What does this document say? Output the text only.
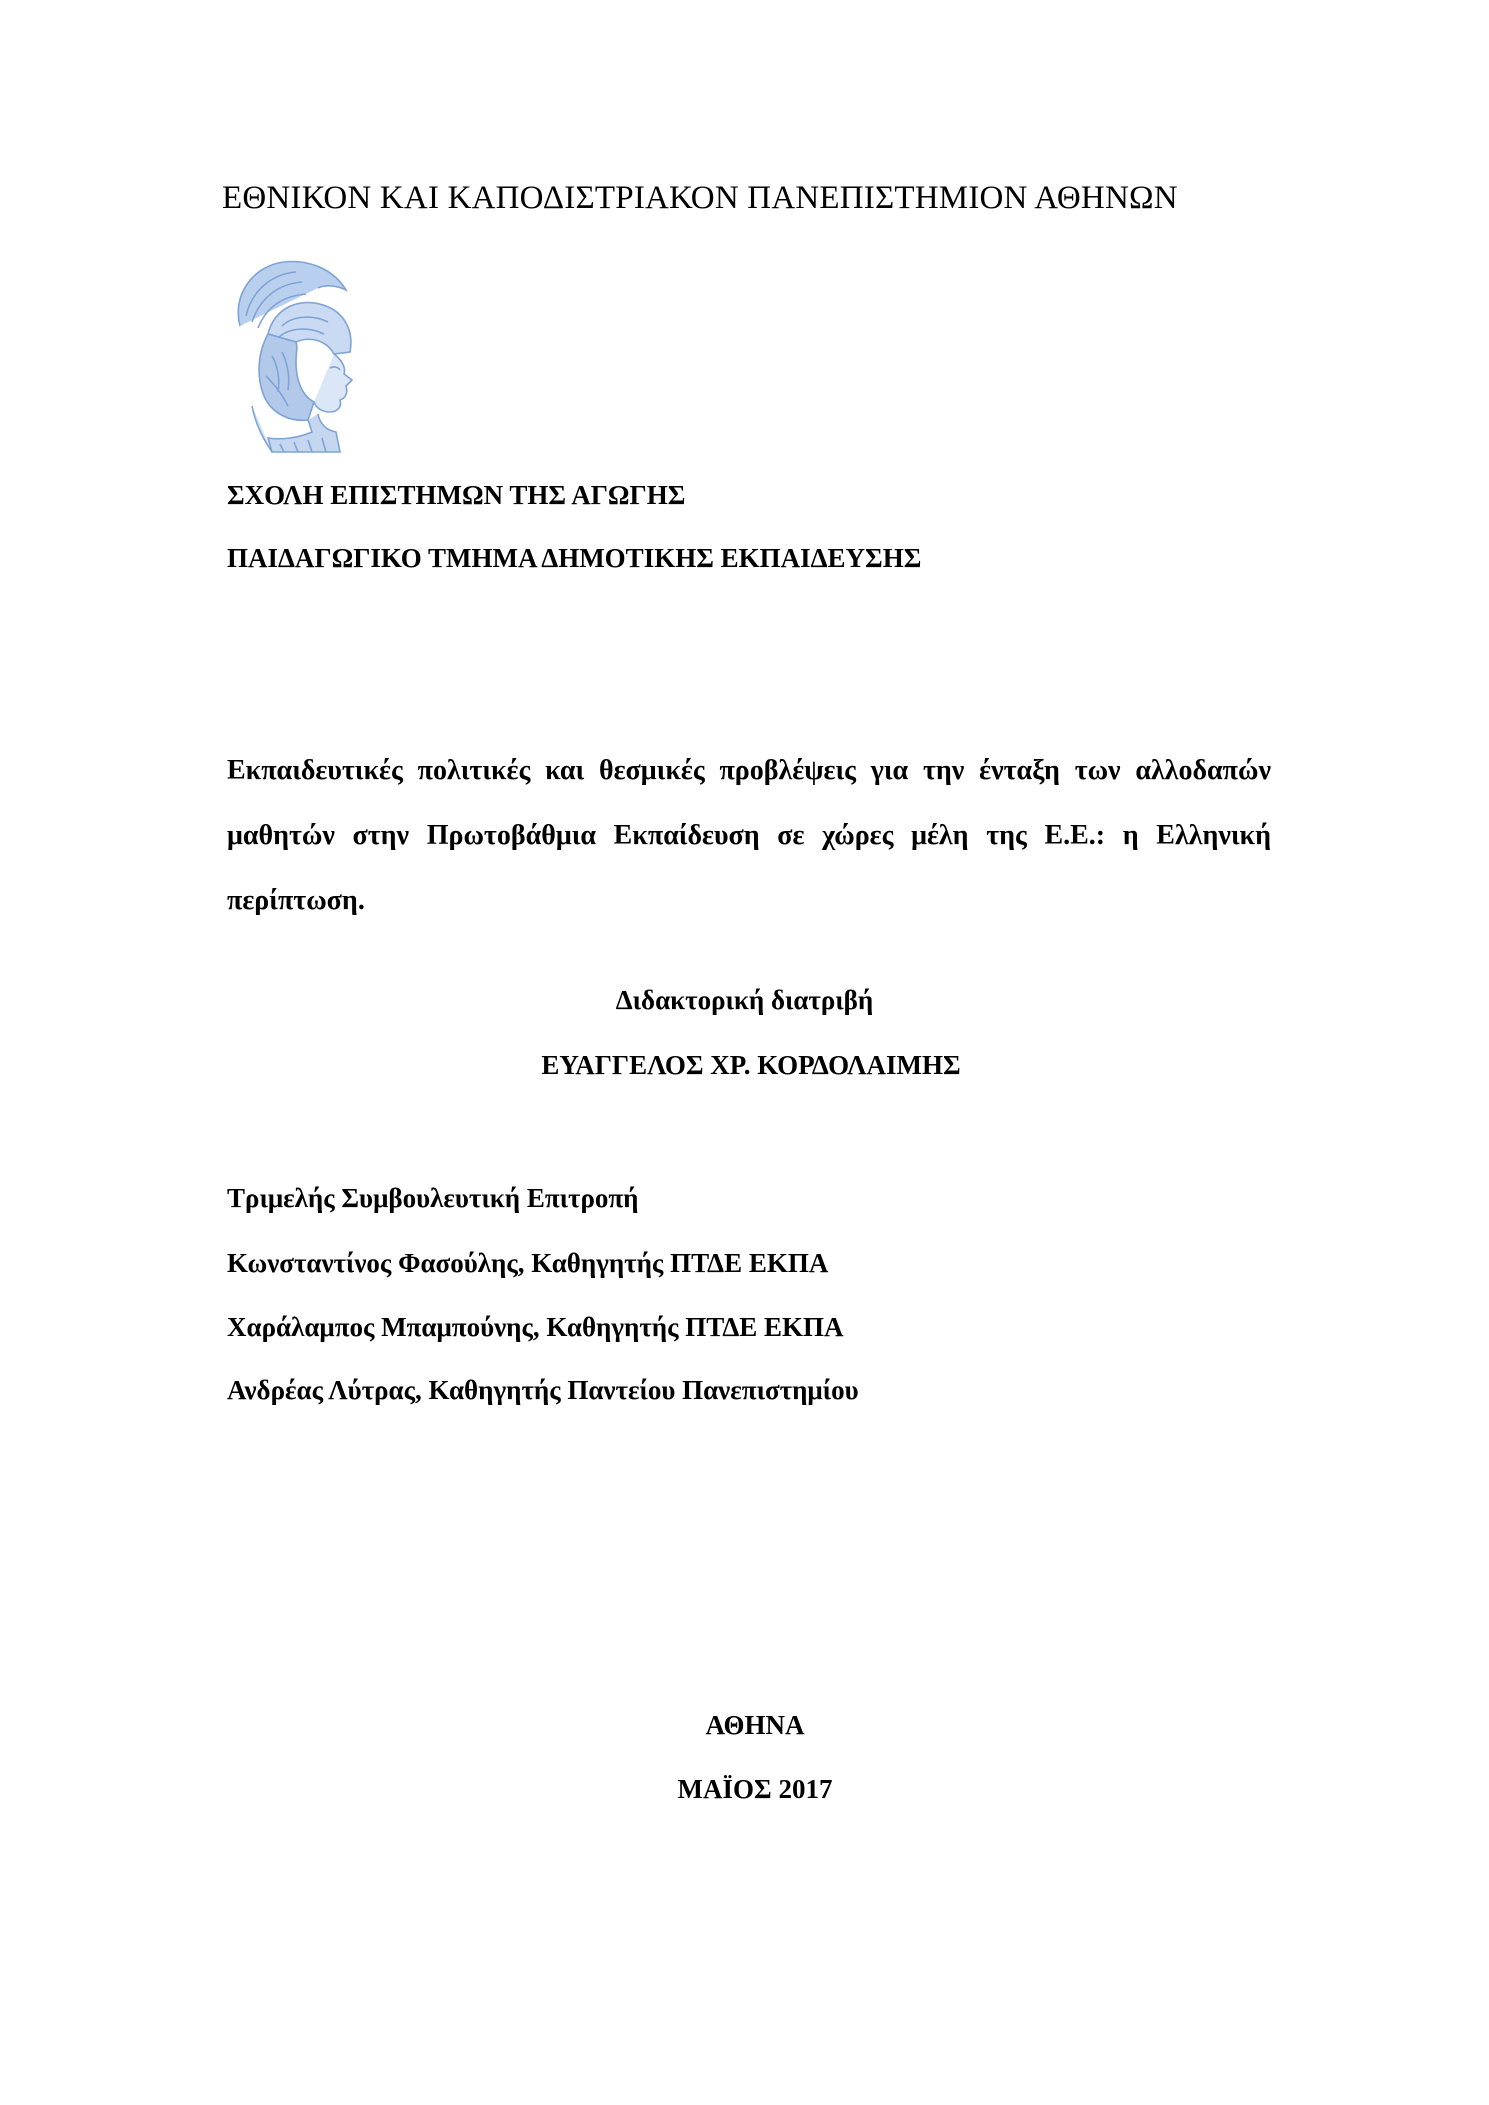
ΕΘΝΙΚΟΝ ΚΑΙ ΚΑΠΟΔΙΣΤΡΙΑΚΟΝ ΠΑΝΕΠΙΣΤΗΜΙΟΝ ΑΘΗΝΩΝ
ΣΧΟΛΗ ΕΠΙΣΤΗΜΩΝ ΤΗΣ ΑΓΩΓΗΣ
ΠΑΙΔΑΓΩΓΙΚΟ ΤΜΗΜΑ ΔΗΜΟΤΙΚΗΣ ΕΚΠΑΙΔΕΥΣΗΣ

Εκπαιδευτικές πολιτικές και θεσμικές προβλέψεις για την ένταξη των αλλοδαπών μαθητών στην Πρωτοβάθμια Εκπαίδευση σε χώρες μέλη της Ε.Ε.: η Ελληνική περίπτωση.

Διδακτορική διατριβή
ΕΥΑΓΓΕΛΟΣ ΧΡ. ΚΟΡΔΟΛΑΙΜΗΣ
Τριμελής Συμβουλευτική Επιτροπή
Κωνσταντίνος Φασούλης, Καθηγητής ΠΤΔΕ ΕΚΠΑ
Χαράλαμπος Μπαμπούνης, Καθηγητής ΠΤΔΕ ΕΚΠΑ
Ανδρέας Λύτρας, Καθηγητής Παντείου Πανεπιστημίου
ΑΘΗΝΑ
ΜΑΪΟΣ 2017
